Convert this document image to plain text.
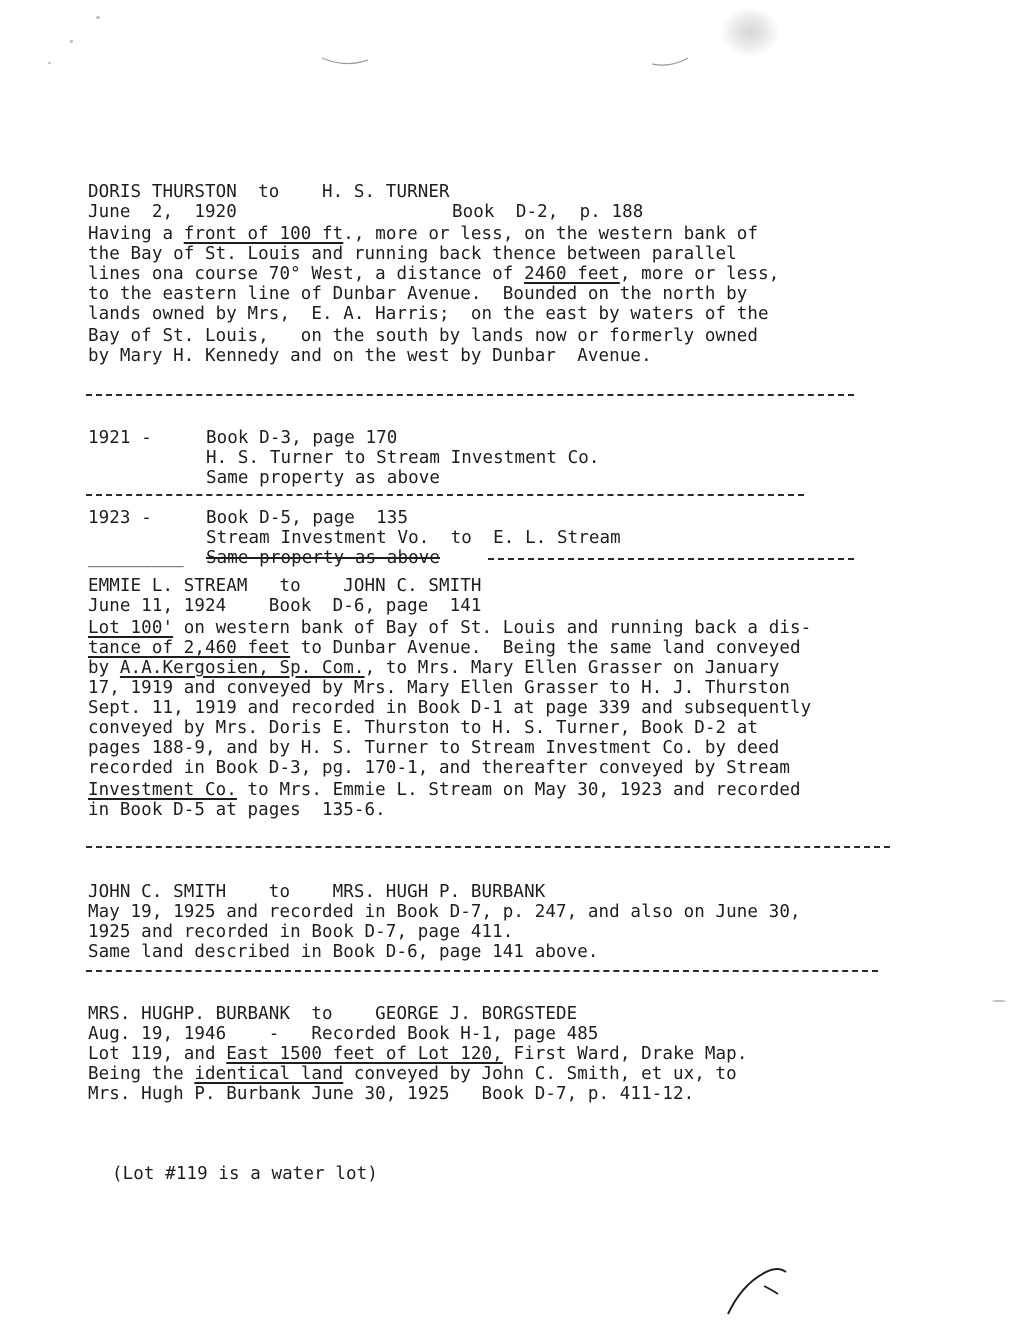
DORIS THURSTON  to    H. S. TURNER
June  2,  1920	Book  D-2,  p. 188
Having a front of 100 ft., more or less, on the western bank of
the Bay of St. Louis and running back thence between parallel
lines ona course 70° West, a distance of 2460 feet, more or less,
to the eastern line of Dunbar Avenue.  Bounded on the north by
lands owned by Mrs,  E. A. Harris;  on the east by waters of the
Bay of St. Louis,   on the south by lands now or formerly owned
by Mary H. Kennedy and on the west by Dunbar  Avenue.
1921 -	Book D-3, page 170
H. S. Turner to Stream Investment Co.
Same property as above
1923 -	Book D-5, page  135
Stream Investment Vo.  to  E. L. Stream
_________ Same property as above
EMMIE L. STREAM   to    JOHN C. SMITH
June 11, 1924    Book  D-6, page  141
Lot 100' on western bank of Bay of St. Louis and running back a dis-
tance of 2,460 feet to Dunbar Avenue.  Being the same land conveyed
by A.A.Kergosien, Sp. Com., to Mrs. Mary Ellen Grasser on January
17, 1919 and conveyed by Mrs. Mary Ellen Grasser to H. J. Thurston
Sept. 11, 1919 and recorded in Book D-1 at page 339 and subsequently
conveyed by Mrs. Doris E. Thurston to H. S. Turner, Book D-2 at
pages 188-9, and by H. S. Turner to Stream Investment Co. by deed
recorded in Book D-3, pg. 170-1, and thereafter conveyed by Stream
Investment Co. to Mrs. Emmie L. Stream on May 30, 1923 and recorded
in Book D-5 at pages  135-6.
JOHN C. SMITH    to    MRS. HUGH P. BURBANK
May 19, 1925 and recorded in Book D-7, p. 247, and also on June 30,
1925 and recorded in Book D-7, page 411.
Same land described in Book D-6, page 141 above.
MRS. HUGHP. BURBANK  to    GEORGE J. BORGSTEDE
Aug. 19, 1946    -   Recorded Book H-1, page 485
Lot 119, and East 1500 feet of Lot 120, First Ward, Drake Map.
Being the identical land conveyed by John C. Smith, et ux, to
Mrs. Hugh P. Burbank June 30, 1925   Book D-7, p. 411-12.
(Lot #119 is a water lot)
